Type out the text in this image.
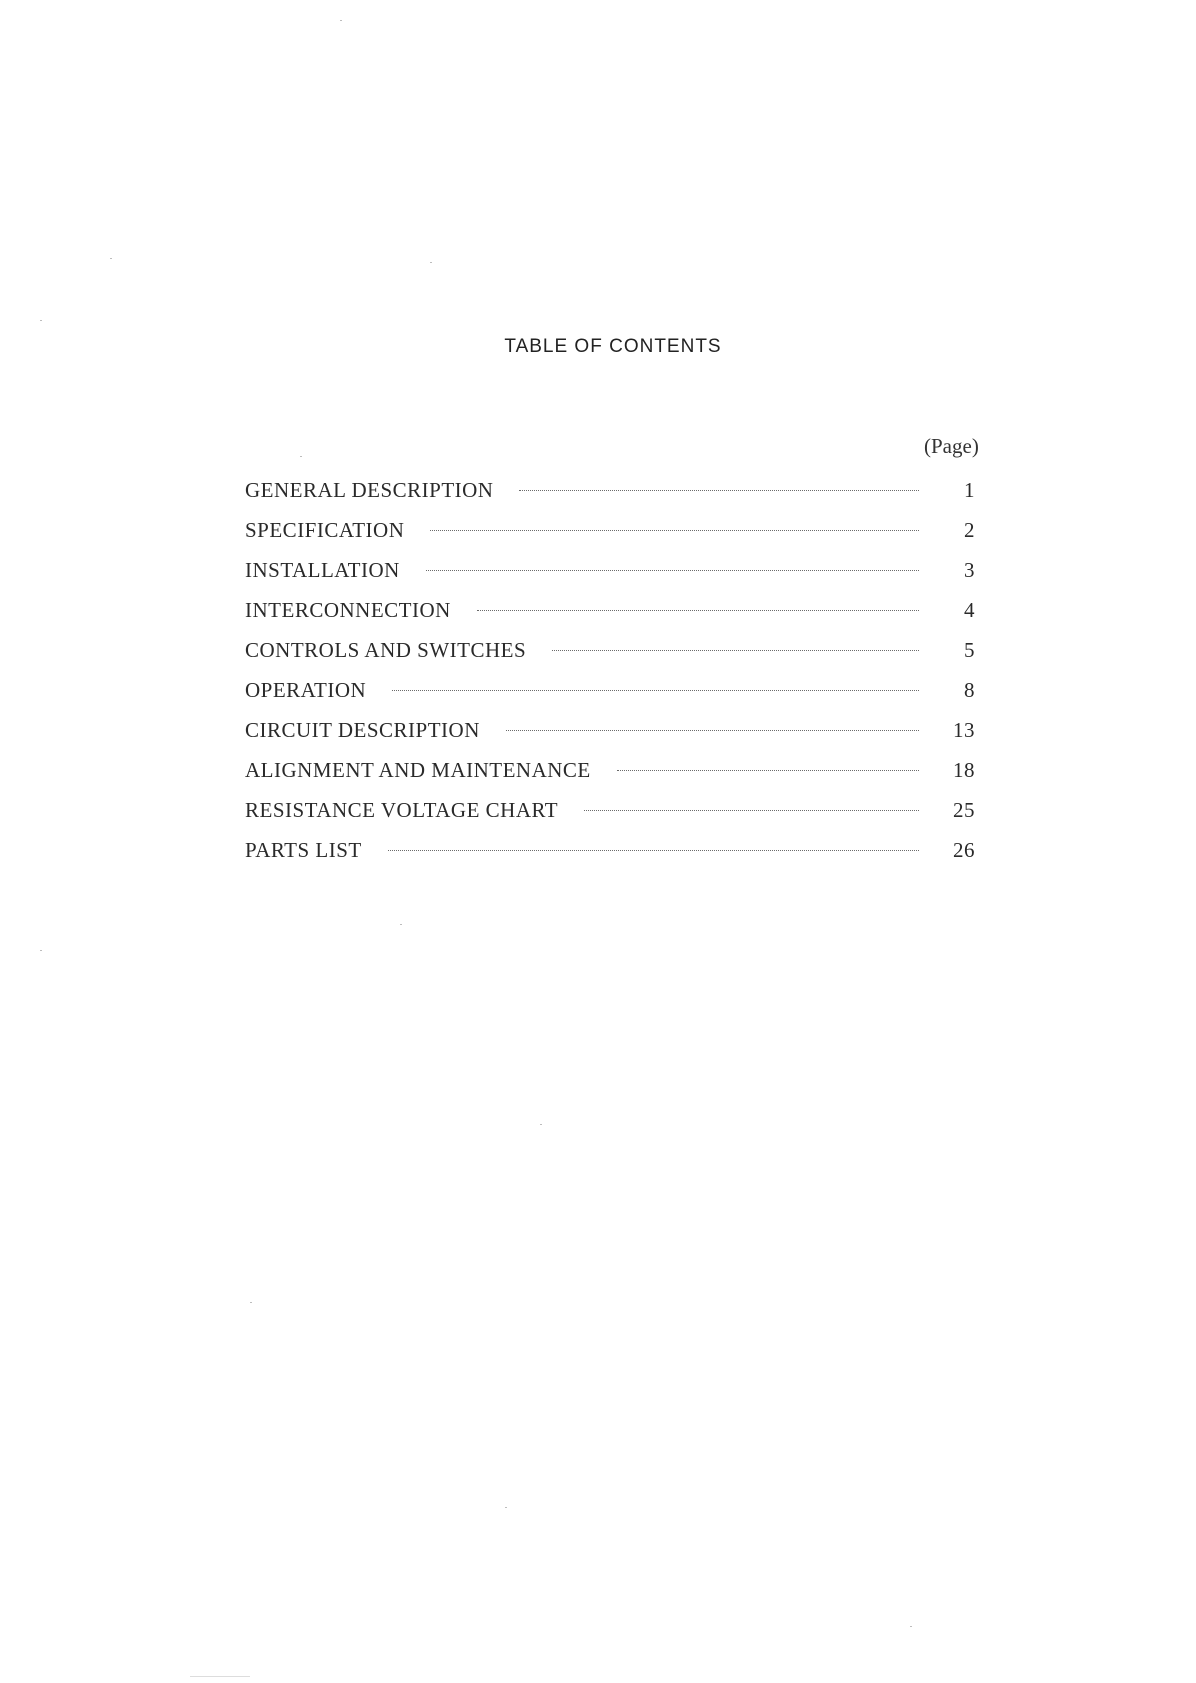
TABLE OF CONTENTS
(Page)
GENERAL DESCRIPTION	1
SPECIFICATION	2
INSTALLATION	3
INTERCONNECTION	4
CONTROLS AND SWITCHES	5
OPERATION	8
CIRCUIT DESCRIPTION	13
ALIGNMENT AND MAINTENANCE	18
RESISTANCE VOLTAGE CHART	25
PARTS LIST	26
